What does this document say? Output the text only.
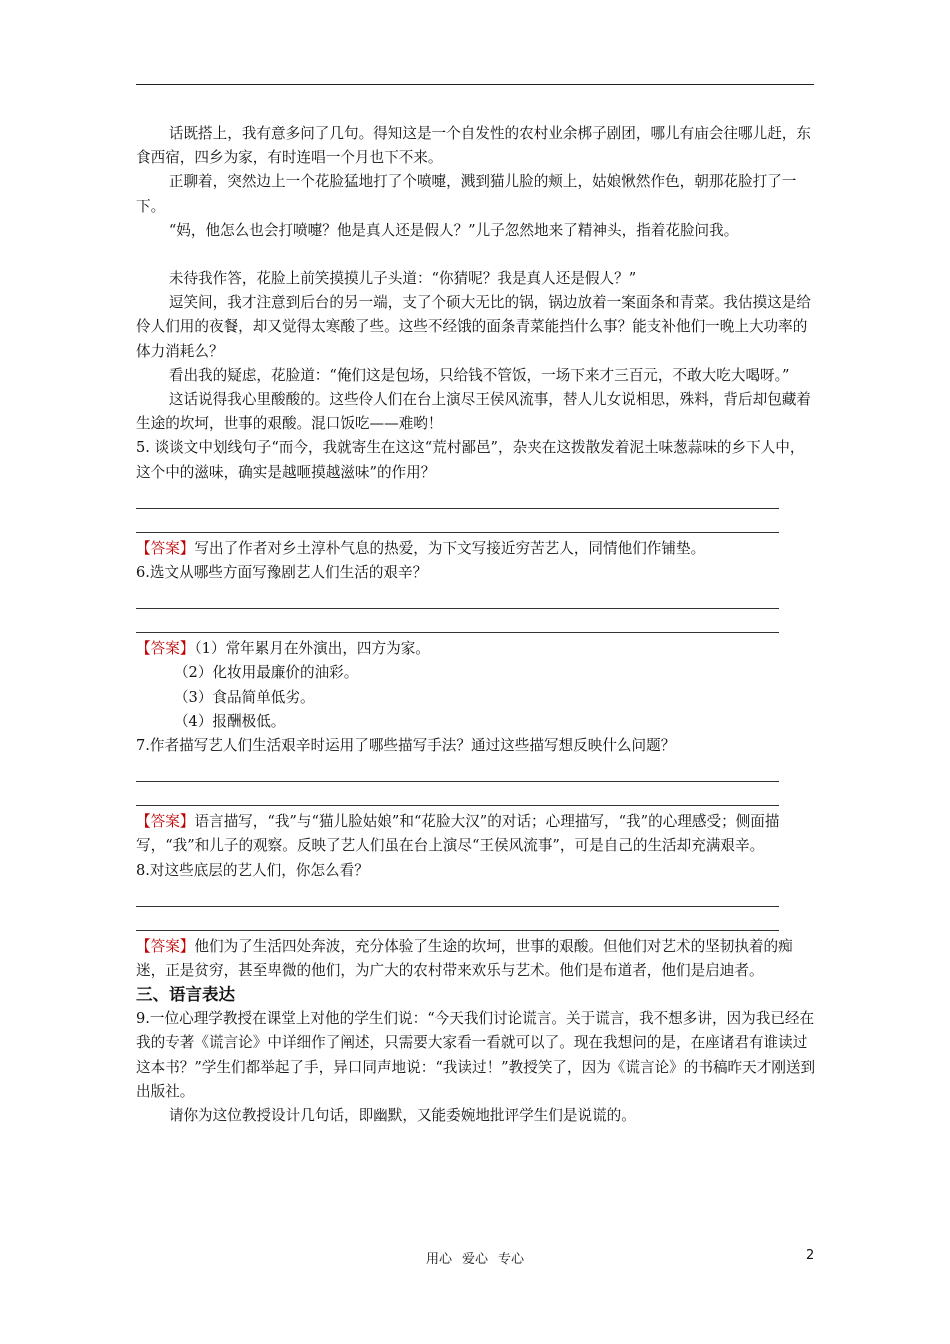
话既搭上，我有意多问了几句。得知这是一个自发性的农村业余梆子剧团，哪儿有庙会往哪儿赶，东食西宿，四乡为家，有时连唱一个月也下不来。

正聊着，突然边上一个花脸猛地打了个喷嚏，溅到猫儿脸的颊上，姑娘愀然作色，朝那花脸打了一下。

“妈，他怎么也会打喷嚏？他是真人还是假人？”儿子忽然地来了精神头，指着花脸问我。

未待我作答，花脸上前笑摸摸儿子头道：“你猜呢？我是真人还是假人？”

逗笑间，我才注意到后台的另一端，支了个硕大无比的锅，锅边放着一案面条和青菜。我估摸这是给伶人们用的夜餐，却又觉得太寒酸了些。这些不经饿的面条青菜能挡什么事？能支补他们一晚上大功率的体力消耗么？

看出我的疑虑，花脸道：“俺们这是包场，只给钱不管饭，一场下来才三百元，不敢大吃大喝呀。”

这话说得我心里酸酸的。这些伶人们在台上演尽王侯风流事，替人儿女说相思，殊料，背后却包藏着生途的坎坷，世事的艰酸。混口饭吃——难哟！

5. 谈谈文中划线句子“而今，我就寄生在这这“荒村鄙邑”，杂夹在这拨散发着泥土味葱蒜味的乡下人中，这个中的滋味，确实是越咂摸越滋味”的作用？

【答案】写出了作者对乡土淳朴气息的热爱，为下文写接近穷苦艺人，同情他们作铺垫。

6.选文从哪些方面写豫剧艺人们生活的艰辛？

【答案】（1）常年累月在外演出，四方为家。

（2）化妆用最廉价的油彩。

（3）食品简单低劣。

（4）报酬极低。

7.作者描写艺人们生活艰辛时运用了哪些描写手法？通过这些描写想反映什么问题？

【答案】语言描写，“我”与“猫儿脸姑娘”和“花脸大汉”的对话；心理描写，“我”的心理感受；侧面描写，“我”和儿子的观察。反映了艺人们虽在台上演尽“王侯风流事”，可是自己的生活却充满艰辛。

8.对这些底层的艺人们，你怎么看？

【答案】他们为了生活四处奔波，充分体验了生途的坎坷，世事的艰酸。但他们对艺术的坚韧执着的痴迷，正是贫穷，甚至卑微的他们，为广大的农村带来欢乐与艺术。他们是布道者，他们是启迪者。

三、语言表达

9.一位心理学教授在课堂上对他的学生们说：“今天我们讨论谎言。关于谎言，我不想多讲，因为我已经在我的专著《谎言论》中详细作了阐述，只需要大家看一看就可以了。现在我想问的是，在座诸君有谁读过这本书？”学生们都举起了手，异口同声地说：“我读过！”教授笑了，因为《谎言论》的书稿昨天才刚送到出版社。

请你为这位教授设计几句话，即幽默，又能委婉地批评学生们是说谎的。

用心 爱心 专心	2
